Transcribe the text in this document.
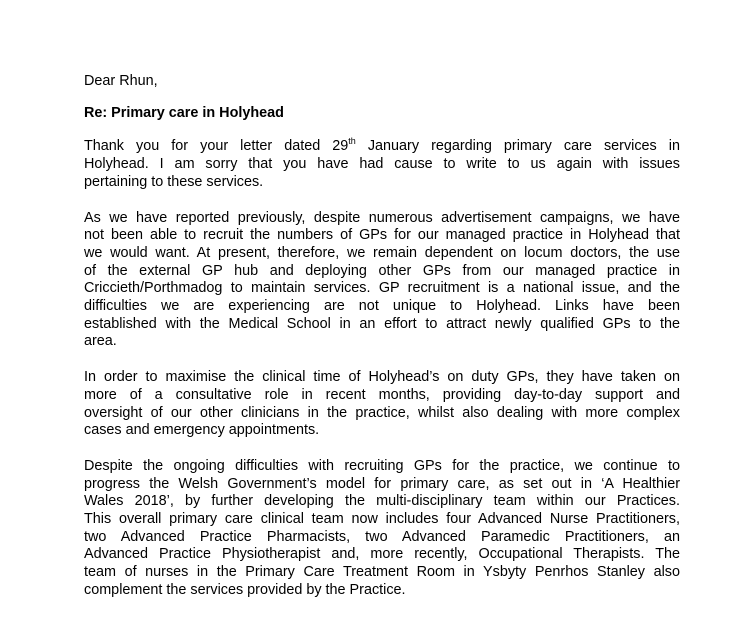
Dear Rhun,

Re: Primary care in Holyhead

Thank you for your letter dated 29th January regarding primary care services in

Holyhead. I am sorry that you have had cause to write to us again with issues

pertaining to these services.

As we have reported previously, despite numerous advertisement campaigns, we have

not been able to recruit the numbers of GPs for our managed practice in Holyhead that

we would want. At present, therefore, we remain dependent on locum doctors, the use

of the external GP hub and deploying other GPs from our managed practice in

Criccieth/Porthmadog to maintain services. GP recruitment is a national issue, and the

difficulties we are experiencing are not unique to Holyhead. Links have been

established with the Medical School in an effort to attract newly qualified GPs to the

area.

In order to maximise the clinical time of Holyhead’s on duty GPs, they have taken on

more of a consultative role in recent months, providing day-to-day support and

oversight of our other clinicians in the practice, whilst also dealing with more complex

cases and emergency appointments.

Despite the ongoing difficulties with recruiting GPs for the practice, we continue to

progress the Welsh Government’s model for primary care, as set out in ‘A Healthier

Wales 2018’, by further developing the multi-disciplinary team within our Practices.

This overall primary care clinical team now includes four Advanced Nurse Practitioners,

two Advanced Practice Pharmacists, two Advanced Paramedic Practitioners, an

Advanced Practice Physiotherapist and, more recently, Occupational Therapists. The

team of nurses in the Primary Care Treatment Room in Ysbyty Penrhos Stanley also

complement the services provided by the Practice.
